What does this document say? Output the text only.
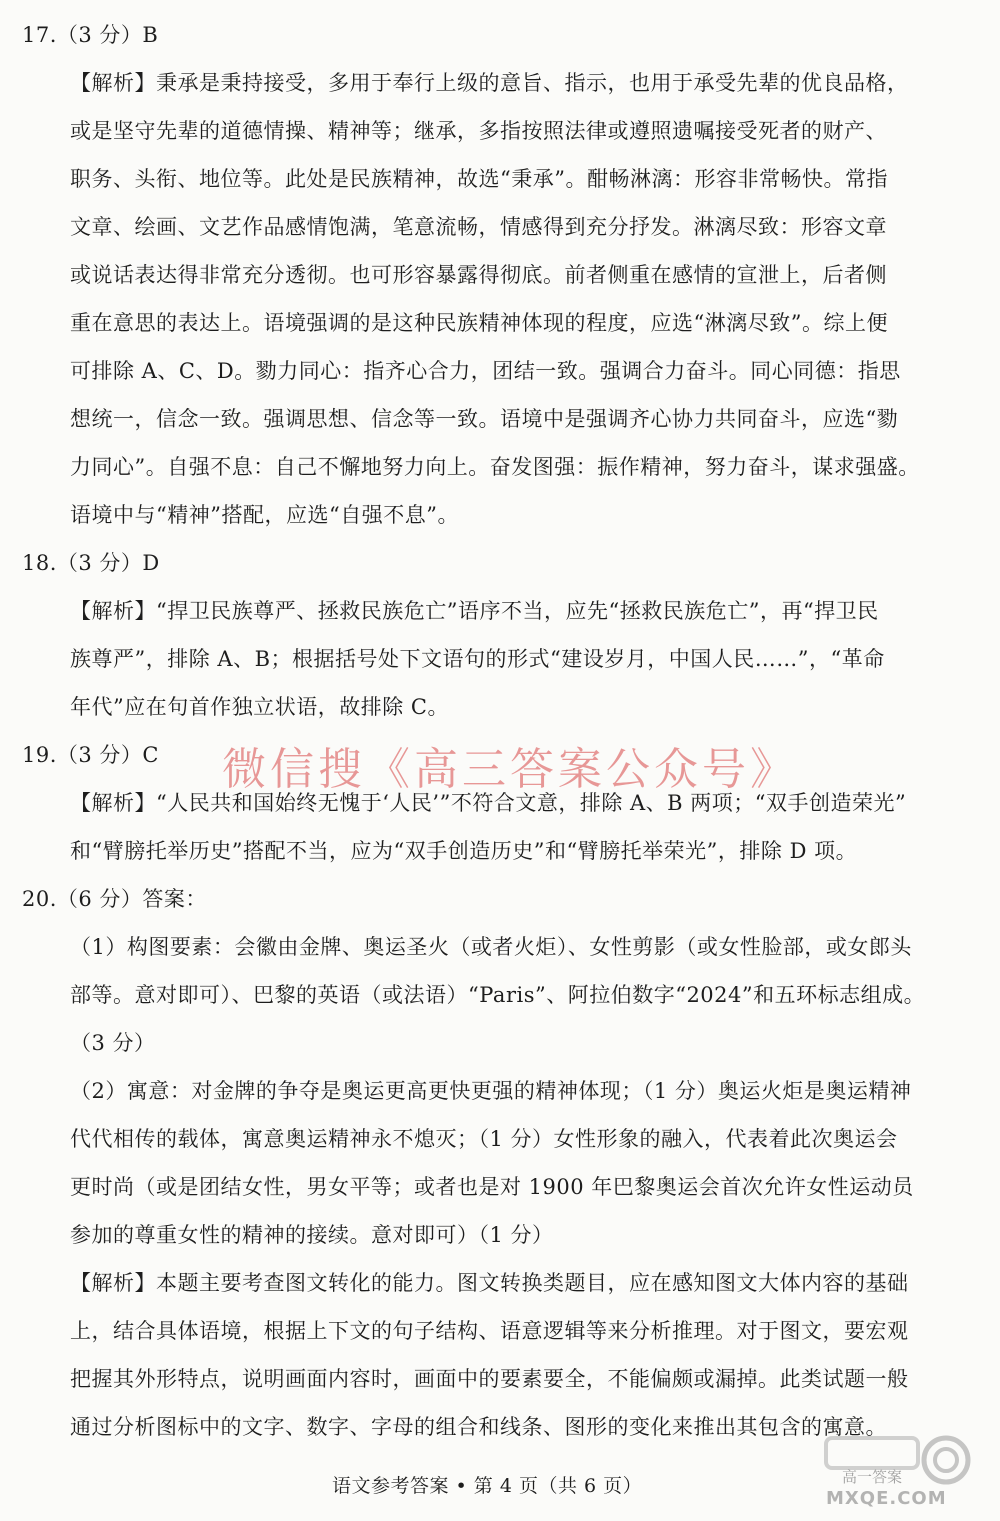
17.（3 分）B
【解析】秉承是秉持接受，多用于奉行上级的意旨、指示，也用于承受先辈的优良品格，
或是坚守先辈的道德情操、精神等；继承，多指按照法律或遵照遗嘱接受死者的财产、
职务、头衔、地位等。此处是民族精神，故选“秉承”。酣畅淋漓：形容非常畅快。常指
文章、绘画、文艺作品感情饱满，笔意流畅，情感得到充分抒发。淋漓尽致：形容文章
或说话表达得非常充分透彻。也可形容暴露得彻底。前者侧重在感情的宣泄上，后者侧
重在意思的表达上。语境强调的是这种民族精神体现的程度，应选“淋漓尽致”。综上便
可排除 A、C、D。勠力同心：指齐心合力，团结一致。强调合力奋斗。同心同德：指思
想统一，信念一致。强调思想、信念等一致。语境中是强调齐心协力共同奋斗，应选“勠
力同心”。自强不息：自己不懈地努力向上。奋发图强：振作精神，努力奋斗，谋求强盛。
语境中与“精神”搭配，应选“自强不息”。
18.（3 分）D
【解析】“捍卫民族尊严、拯救民族危亡”语序不当，应先“拯救民族危亡”，再“捍卫民
族尊严”，排除 A、B；根据括号处下文语句的形式“建设岁月，中国人民……”，“革命
年代”应在句首作独立状语，故排除 C。
19.（3 分）C
【解析】“人民共和国始终无愧于‘人民’”不符合文意，排除 A、B 两项；“双手创造荣光”
和“臂膀托举历史”搭配不当，应为“双手创造历史”和“臂膀托举荣光”，排除 D 项。
20.（6 分）答案：
（1）构图要素：会徽由金牌、奥运圣火（或者火炬）、女性剪影（或女性脸部，或女郎头
部等。意对即可）、巴黎的英语（或法语）“Paris”、阿拉伯数字“2024”和五环标志组成。
（3 分）
（2）寓意：对金牌的争夺是奥运更高更快更强的精神体现；（1 分）奥运火炬是奥运精神
代代相传的载体，寓意奥运精神永不熄灭；（1 分）女性形象的融入，代表着此次奥运会
更时尚（或是团结女性，男女平等；或者也是对 1900 年巴黎奥运会首次允许女性运动员
参加的尊重女性的精神的接续。意对即可）（1 分）
【解析】本题主要考查图文转化的能力。图文转换类题目，应在感知图文大体内容的基础
上，结合具体语境，根据上下文的句子结构、语意逻辑等来分析推理。对于图文，要宏观
把握其外形特点，说明画面内容时，画面中的要素要全，不能偏颇或漏掉。此类试题一般
通过分析图标中的文字、数字、字母的组合和线条、图形的变化来推出其包含的寓意。
微信搜《高三答案公众号》
高一答案
MXQE.COM
语文参考答案 • 第 4 页（共 6 页）
